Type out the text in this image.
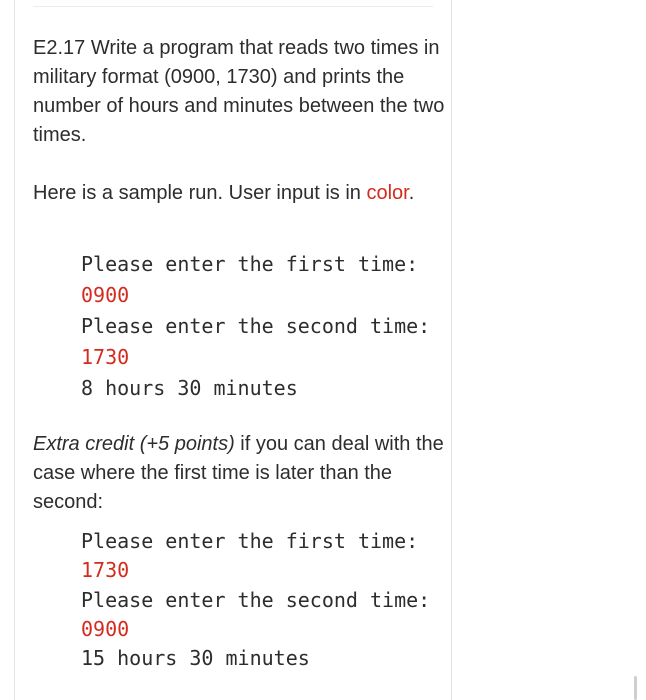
E2.17 Write a program that reads two times in military format (0900, 1730) and prints the number of hours and minutes between the two times.

Here is a sample run. User input is in color.

Please enter the first time:
0900
Please enter the second time:
1730
8 hours 30 minutes

Extra credit (+5 points) if you can deal with the case where the first time is later than the second:

Please enter the first time:
1730
Please enter the second time:
0900
15 hours 30 minutes
